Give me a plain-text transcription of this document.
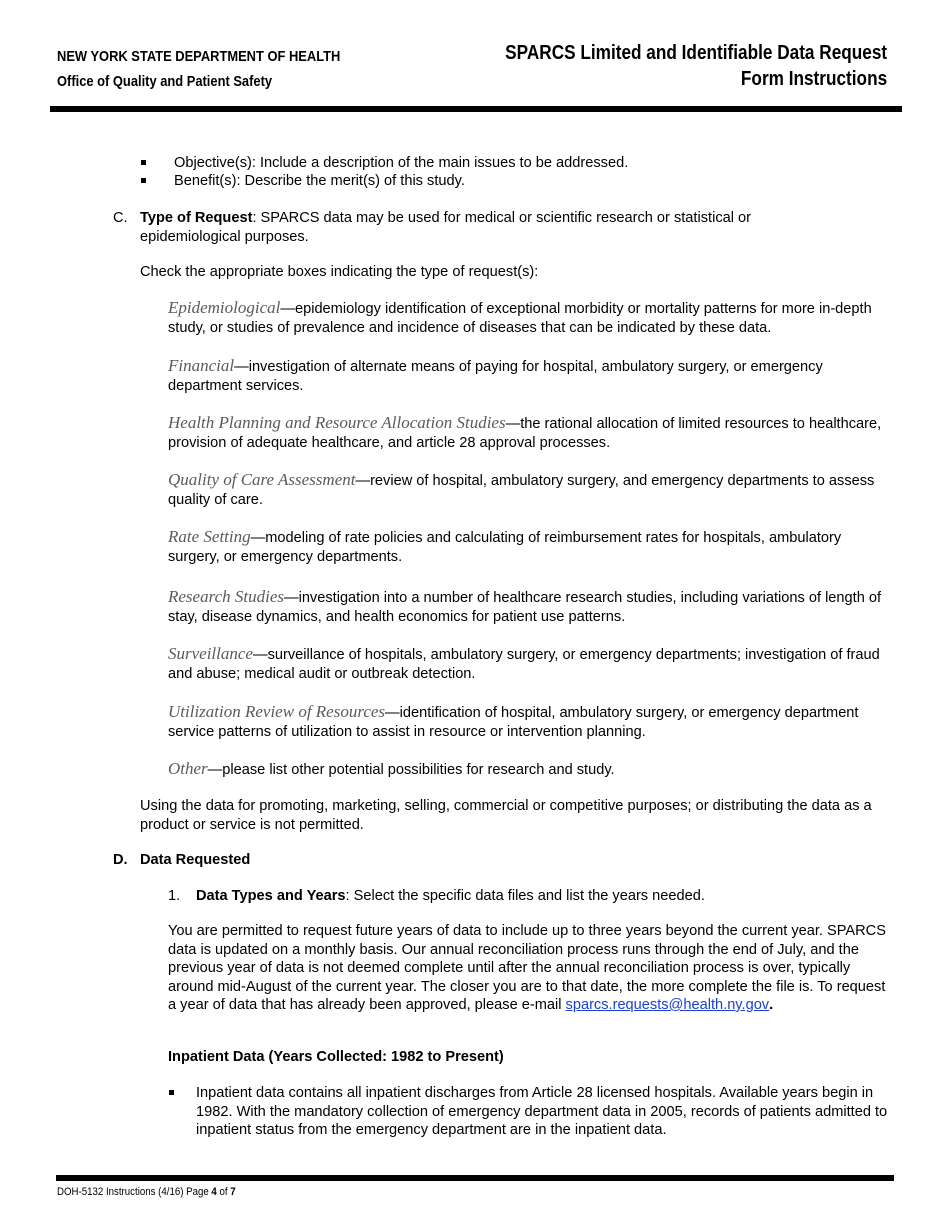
NEW YORK STATE DEPARTMENT OF HEALTH
Office of Quality and Patient Safety
SPARCS Limited and Identifiable Data Request
Form Instructions
Objective(s): Include a description of the main issues to be addressed.
Benefit(s): Describe the merit(s) of this study.
C. Type of Request: SPARCS data may be used for medical or scientific research or statistical or epidemiological purposes.
Check the appropriate boxes indicating the type of request(s):
Epidemiological—epidemiology identification of exceptional morbidity or mortality patterns for more in-depth study, or studies of prevalence and incidence of diseases that can be indicated by these data.
Financial—investigation of alternate means of paying for hospital, ambulatory surgery, or emergency department services.
Health Planning and Resource Allocation Studies—the rational allocation of limited resources to healthcare, provision of adequate healthcare, and article 28 approval processes.
Quality of Care Assessment—review of hospital, ambulatory surgery, and emergency departments to assess quality of care.
Rate Setting—modeling of rate policies and calculating of reimbursement rates for hospitals, ambulatory surgery, or emergency departments.
Research Studies—investigation into a number of healthcare research studies, including variations of length of stay, disease dynamics, and health economics for patient use patterns.
Surveillance—surveillance of hospitals, ambulatory surgery, or emergency departments; investigation of fraud and abuse; medical audit or outbreak detection.
Utilization Review of Resources—identification of hospital, ambulatory surgery, or emergency department service patterns of utilization to assist in resource or intervention planning.
Other—please list other potential possibilities for research and study.
Using the data for promoting, marketing, selling, commercial or competitive purposes; or distributing the data as a product or service is not permitted.
D. Data Requested
1. Data Types and Years: Select the specific data files and list the years needed.
You are permitted to request future years of data to include up to three years beyond the current year. SPARCS data is updated on a monthly basis. Our annual reconciliation process runs through the end of July, and the previous year of data is not deemed complete until after the annual reconciliation process is over, typically around mid-August of the current year. The closer you are to that date, the more complete the file is. To request a year of data that has already been approved, please e-mail sparcs.requests@health.ny.gov.
Inpatient Data (Years Collected: 1982 to Present)
Inpatient data contains all inpatient discharges from Article 28 licensed hospitals. Available years begin in 1982. With the mandatory collection of emergency department data in 2005, records of patients admitted to inpatient status from the emergency department are in the inpatient data.
DOH-5132 Instructions (4/16) Page 4 of 7
